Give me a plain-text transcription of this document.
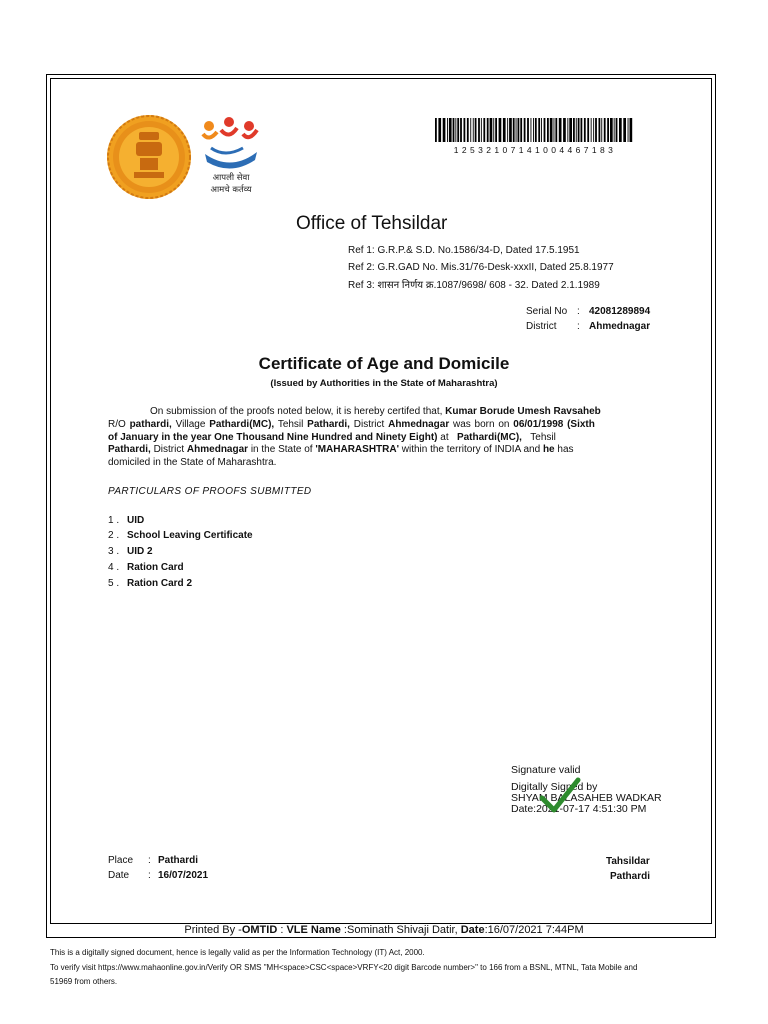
आपली सेवा
आमचे कर्तव्य
12532107141004467183
Office of Tehsildar
Ref 1: G.R.P.& S.D. No.1586/34-D, Dated 17.5.1951
Ref 2: G.R.GAD No. Mis.31/76-Desk-xxxII, Dated 25.8.1977
Ref 3: शासन निर्णय क्र.1087/9698/ 608 - 32. Dated 2.1.1989
Serial No : 42081289894
District : Ahmednagar
Certificate of Age and Domicile
(Issued by Authorities in the State of Maharashtra)
On submission of the proofs noted below, it is hereby certifed that, Kumar Borude Umesh Ravsaheb
R/O pathardi, Village Pathardi(MC), Tehsil Pathardi, District Ahmednagar was born on 06/01/1998 (Sixth
of January in the year One Thousand Nine Hundred and Ninety Eight) at Pathardi(MC), Tehsil
Pathardi, District Ahmednagar in the State of 'MAHARASHTRA' within the territory of INDIA and he has
domiciled in the State of Maharashtra.
PARTICULARS OF PROOFS SUBMITTED
1 . UID
2 . School Leaving Certificate
3 . UID 2
4 . Ration Card
5 . Ration Card 2
Signature valid
Digitally Signed by
SHYAM BALASAHEB WADKAR
Date:2021-07-17 4:51:30 PM
Place : Pathardi
Date : 16/07/2021
Tahsildar
Pathardi
Printed By -OMTID : VLE Name :Sominath Shivaji Datir, Date:16/07/2021 7:44PM
This is a digitally signed document, hence is legally valid as per the Information Technology (IT) Act, 2000.
To verify visit https://www.mahaonline.gov.in/Verify OR SMS "MH<space>CSC<space>VRFY<20 digit Barcode number>" to 166 from a BSNL, MTNL, Tata Mobile and
51969 from others.
